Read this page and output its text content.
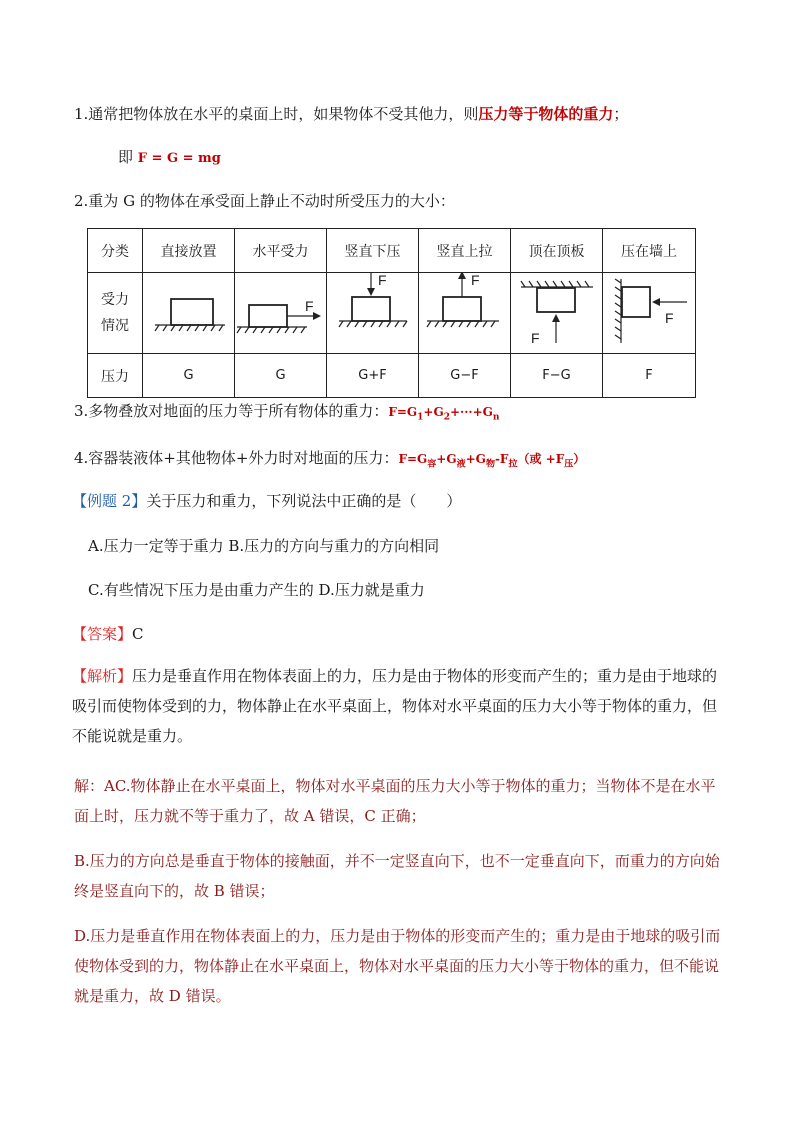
1.通常把物体放在水平的桌面上时，如果物体不受其他力，则压力等于物体的重力；
即 F = G = mg
2.重为 G 的物体在承受面上静止不动时所受压力的大小：
分类	直接放置	水平受力	竖直下压	竖直上拉	顶在顶板	压在墙上

受力
情况		F	F	F	F	F

压力	G	G	G+F	G−F	F−G	F
3.多物叠放对地面的压力等于所有物体的重力：$F=G_1+G_2+\cdot\cdot\cdot+G_n$
4.容器装液体+其他物体+外力时对地面的压力：$F=G_容+G_液+G_物-F_拉$（或 $+F_压$）
【例题 2】关于压力和重力，下列说法中正确的是（　　）
A.压力一定等于重力 B.压力的方向与重力的方向相同
C.有些情况下压力是由重力产生的 D.压力就是重力
【答案】C
【解析】压力是垂直作用在物体表面上的力，压力是由于物体的形变而产生的；重力是由于地球的吸引而使物体受到的力，物体静止在水平桌面上，物体对水平桌面的压力大小等于物体的重力，但不能说就是重力。
解：AC.物体静止在水平桌面上，物体对水平桌面的压力大小等于物体的重力；当物体不是在水平面上时，压力就不等于重力了，故 A 错误，C 正确；
B.压力的方向总是垂直于物体的接触面，并不一定竖直向下，也不一定垂直向下，而重力的方向始终是竖直向下的，故 B 错误；
D.压力是垂直作用在物体表面上的力，压力是由于物体的形变而产生的；重力是由于地球的吸引而使物体受到的力，物体静止在水平桌面上，物体对水平桌面的压力大小等于物体的重力，但不能说就是重力，故 D 错误。
